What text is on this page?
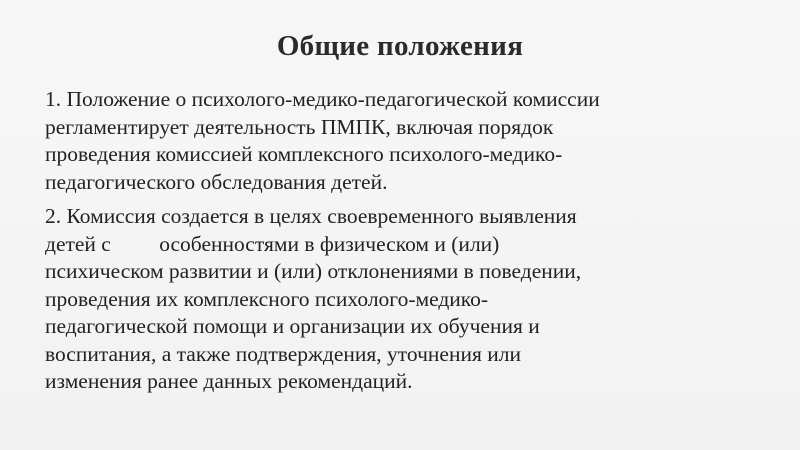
Общие положения

1. Положение о психолого-медико-педагогической комиссии
регламентирует деятельность ПМПК, включая порядок
проведения комиссией комплексного психолого-медико-
педагогического обследования детей.

2. Комиссия создается в целях своевременного выявления
детей с         особенностями в физическом и (или)
психическом развитии и (или) отклонениями в поведении,
проведения их комплексного психолого-медико-
педагогической помощи и организации их обучения и
воспитания, а также подтверждения, уточнения или
изменения ранее данных рекомендаций.
